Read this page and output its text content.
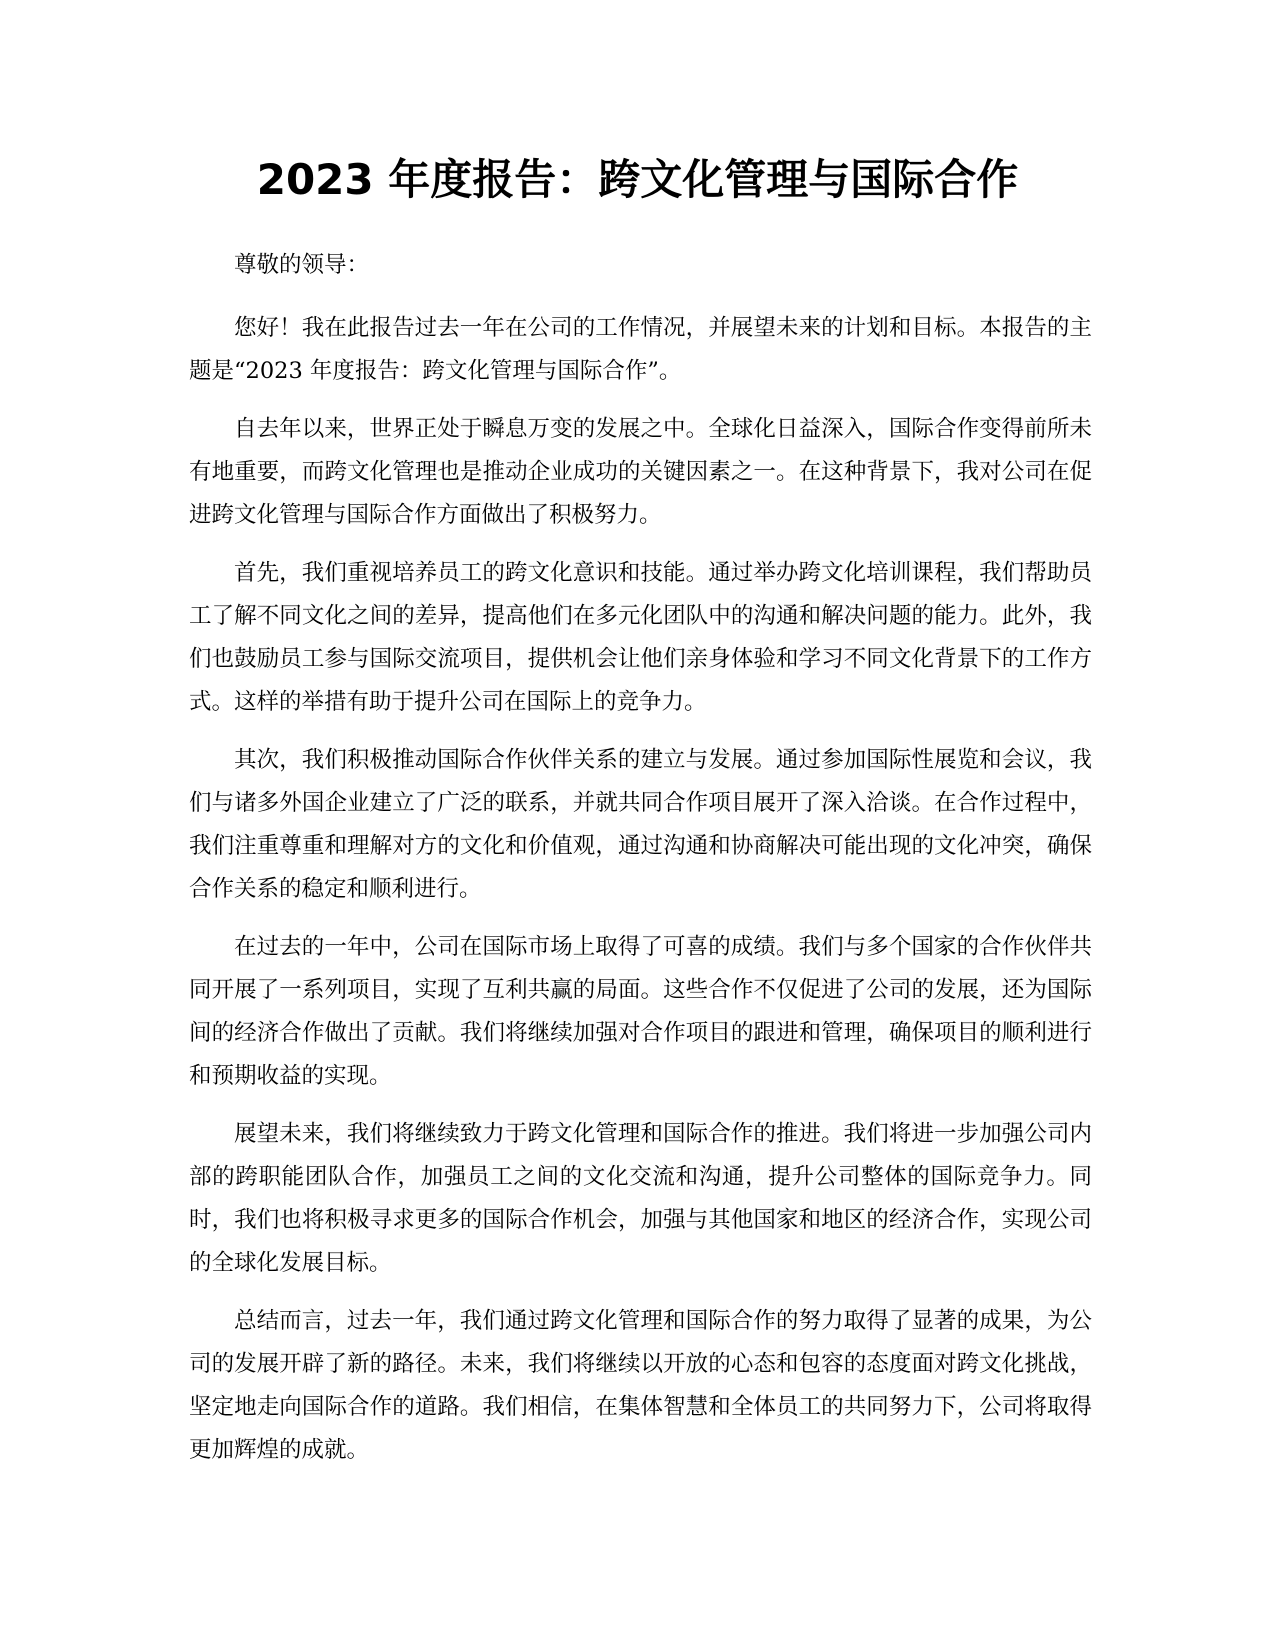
2023 年度报告：跨文化管理与国际合作

尊敬的领导：

您好！我在此报告过去一年在公司的工作情况，并展望未来的计划和目标。本报告的主题是“2023 年度报告：跨文化管理与国际合作”。

自去年以来，世界正处于瞬息万变的发展之中。全球化日益深入，国际合作变得前所未有地重要，而跨文化管理也是推动企业成功的关键因素之一。在这种背景下，我对公司在促进跨文化管理与国际合作方面做出了积极努力。

首先，我们重视培养员工的跨文化意识和技能。通过举办跨文化培训课程，我们帮助员工了解不同文化之间的差异，提高他们在多元化团队中的沟通和解决问题的能力。此外，我们也鼓励员工参与国际交流项目，提供机会让他们亲身体验和学习不同文化背景下的工作方式。这样的举措有助于提升公司在国际上的竞争力。

其次，我们积极推动国际合作伙伴关系的建立与发展。通过参加国际性展览和会议，我们与诸多外国企业建立了广泛的联系，并就共同合作项目展开了深入洽谈。在合作过程中，我们注重尊重和理解对方的文化和价值观，通过沟通和协商解决可能出现的文化冲突，确保合作关系的稳定和顺利进行。

在过去的一年中，公司在国际市场上取得了可喜的成绩。我们与多个国家的合作伙伴共同开展了一系列项目，实现了互利共赢的局面。这些合作不仅促进了公司的发展，还为国际间的经济合作做出了贡献。我们将继续加强对合作项目的跟进和管理，确保项目的顺利进行和预期收益的实现。

展望未来，我们将继续致力于跨文化管理和国际合作的推进。我们将进一步加强公司内部的跨职能团队合作，加强员工之间的文化交流和沟通，提升公司整体的国际竞争力。同时，我们也将积极寻求更多的国际合作机会，加强与其他国家和地区的经济合作，实现公司的全球化发展目标。

总结而言，过去一年，我们通过跨文化管理和国际合作的努力取得了显著的成果，为公司的发展开辟了新的路径。未来，我们将继续以开放的心态和包容的态度面对跨文化挑战，坚定地走向国际合作的道路。我们相信，在集体智慧和全体员工的共同努力下，公司将取得更加辉煌的成就。
